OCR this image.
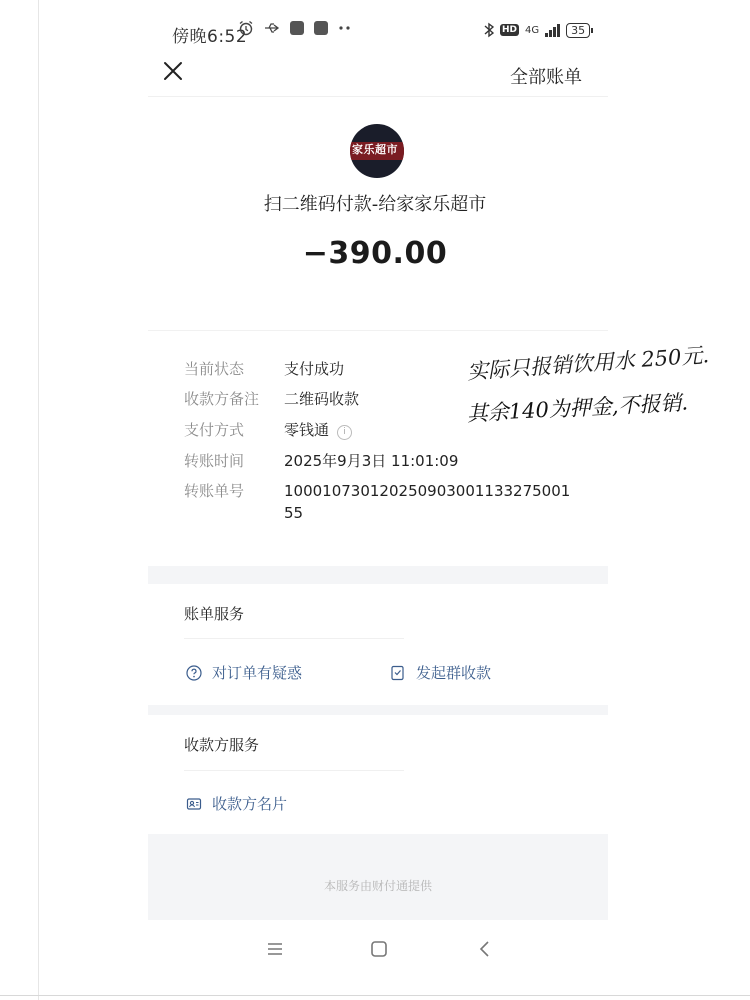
傍晚6:52	HD 4G	35
全部账单
家乐超市
扫二维码付款-给家家乐超市
−390.00
当前状态	支付成功
收款方备注	二维码收款
支付方式	零钱通 i
转账时间	2025年9月3日 11:01:09
转账单号	10001073012025090300113327500155
实际只报销饮用水 250元.
其余140为押金,不报销.
账单服务
对订单有疑惑	发起群收款
收款方服务
收款方名片
本服务由财付通提供
